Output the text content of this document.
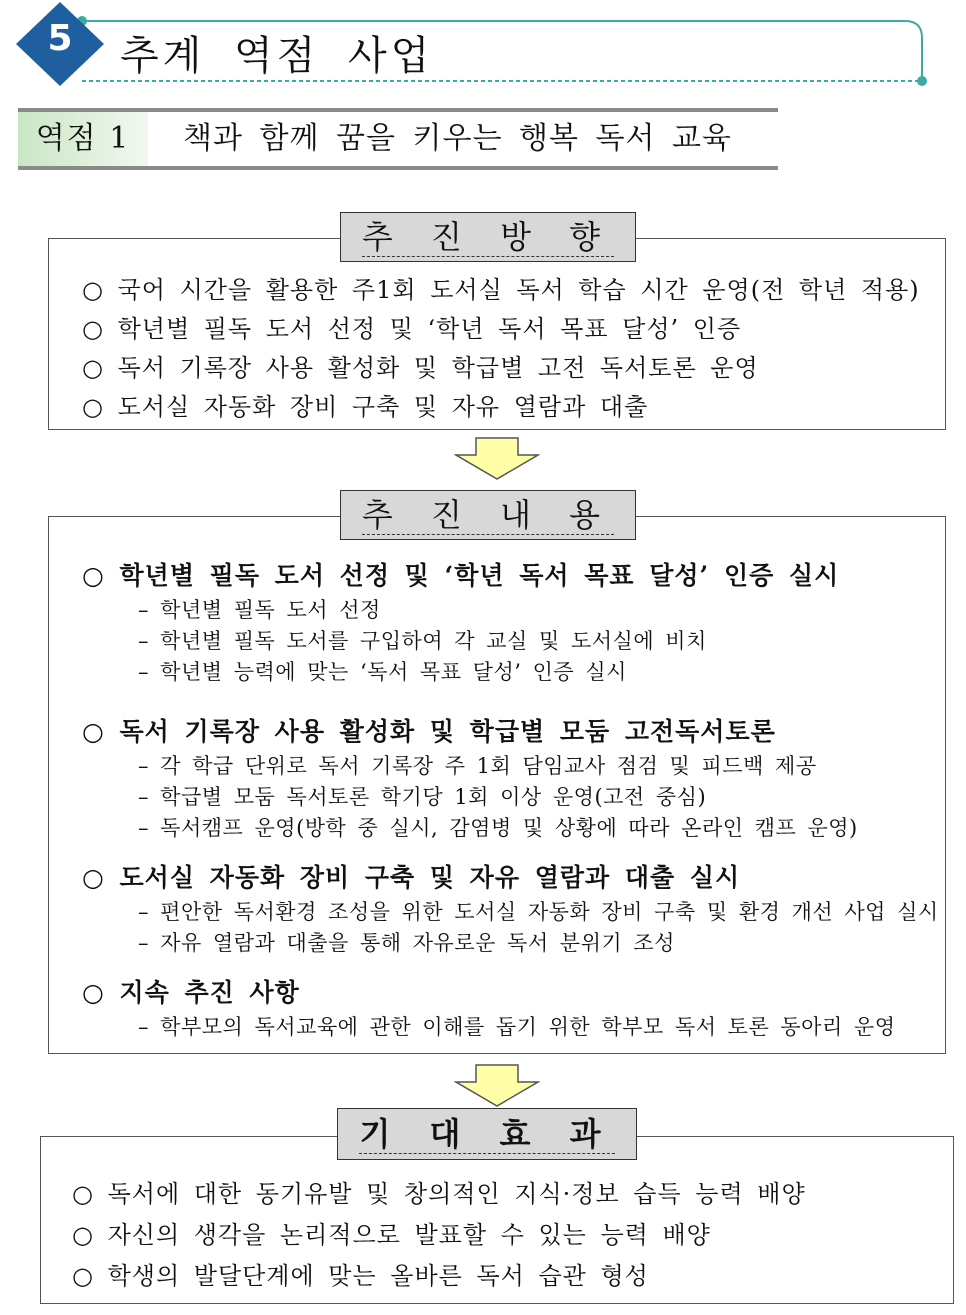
5 추계 역점 사업
역점 1	책과 함께 꿈을 키우는 행복 독서 교육
추 진 방 향
○ 국어 시간을 활용한 주1회 도서실 독서 학습 시간 운영(전 학년 적용)
○ 학년별 필독 도서 선정 및 ‘학년 독서 목표 달성’ 인증
○ 독서 기록장 사용 활성화 및 학급별 고전 독서토론 운영
○ 도서실 자동화 장비 구축 및 자유 열람과 대출
추 진 내 용
○ 학년별 필독 도서 선정 및 ‘학년 독서 목표 달성’ 인증 실시
– 학년별 필독 도서 선정
– 학년별 필독 도서를 구입하여 각 교실 및 도서실에 비치
– 학년별 능력에 맞는 ‘독서 목표 달성’ 인증 실시
○ 독서 기록장 사용 활성화 및 학급별 모둠 고전독서토론
– 각 학급 단위로 독서 기록장 주 1회 담임교사 점검 및 피드백 제공
– 학급별 모둠 독서토론 학기당 1회 이상 운영(고전 중심)
– 독서캠프 운영(방학 중 실시, 감염병 및 상황에 따라 온라인 캠프 운영)
○ 도서실 자동화 장비 구축 및 자유 열람과 대출 실시
– 편안한 독서환경 조성을 위한 도서실 자동화 장비 구축 및 환경 개선 사업 실시
– 자유 열람과 대출을 통해 자유로운 독서 분위기 조성
○ 지속 추진 사항
– 학부모의 독서교육에 관한 이해를 돕기 위한 학부모 독서 토론 동아리 운영
기 대 효 과
○ 독서에 대한 동기유발 및 창의적인 지식·정보 습득 능력 배양
○ 자신의 생각을 논리적으로 발표할 수 있는 능력 배양
○ 학생의 발달단계에 맞는 올바른 독서 습관 형성
